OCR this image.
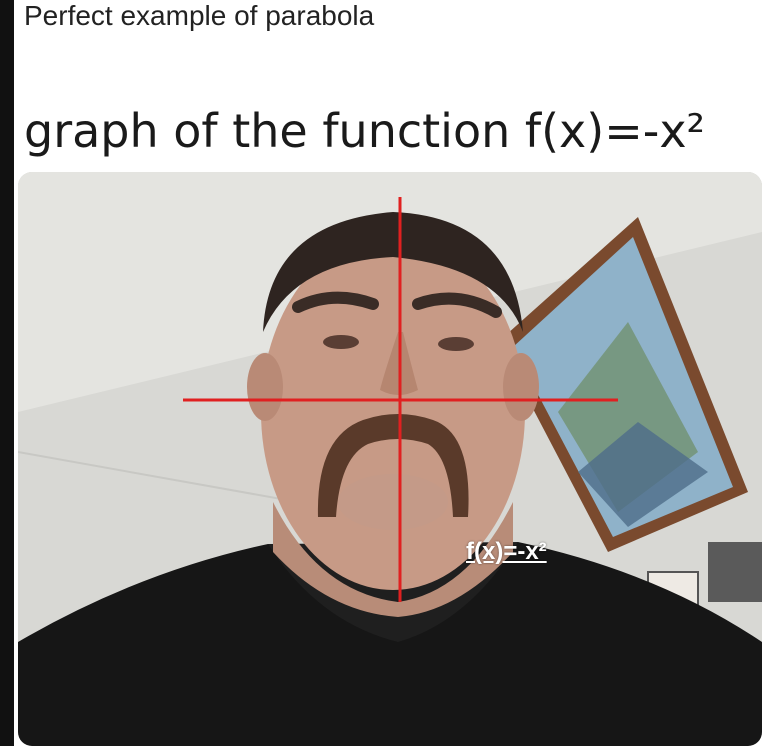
Perfect example of parabola
graph of the function f(x)=-x²
f(x)=-x²
